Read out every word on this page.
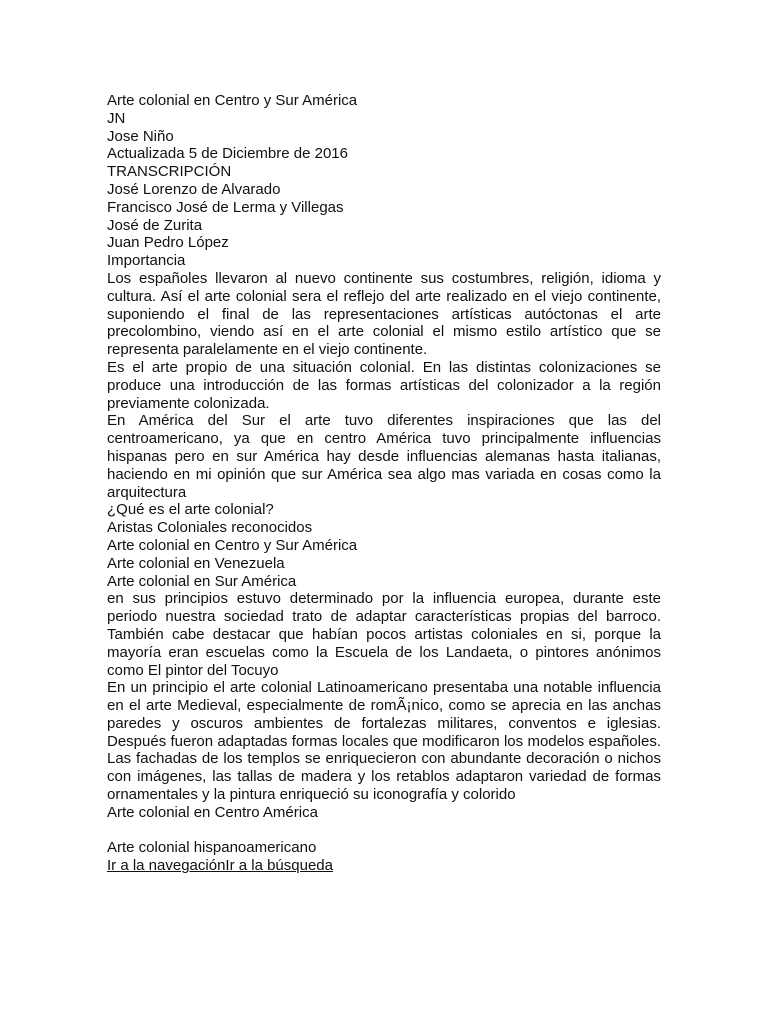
Arte colonial en Centro y Sur América

JN

Jose Niño

Actualizada 5 de Diciembre de 2016

TRANSCRIPCIÓN

José Lorenzo de Alvarado

Francisco José de Lerma y Villegas

José de Zurita

Juan Pedro López

Importancia

Los españoles llevaron al nuevo continente sus costumbres, religión, idioma y cultura. Así el arte colonial sera el reflejo del arte realizado en el viejo continente, suponiendo el final de las representaciones artísticas autóctonas el arte precolombino, viendo así en el arte colonial el mismo estilo artístico que se representa paralelamente en el viejo continente.

Es el arte propio de una situación colonial. En las distintas colonizaciones se produce una introducción de las formas artísticas del colonizador a la región previamente colonizada.

En América del Sur el arte tuvo diferentes inspiraciones que las del centroamericano, ya que en centro América tuvo principalmente influencias hispanas pero en sur América hay desde influencias alemanas hasta italianas, haciendo en mi opinión que sur América sea algo mas variada en cosas como la arquitectura

¿Qué es el arte colonial?

Aristas Coloniales reconocidos

Arte colonial en Centro y Sur América

Arte colonial en Venezuela

Arte colonial en Sur América

en sus principios estuvo determinado por la influencia europea, durante este periodo nuestra sociedad trato de adaptar características propias del barroco. También cabe destacar que habían pocos artistas coloniales en si, porque la mayoría eran escuelas como la Escuela de los Landaeta, o pintores anónimos como El pintor del Tocuyo

En un principio el arte colonial Latinoamericano presentaba una notable influencia en el arte Medieval, especialmente de romÃ¡nico, como se aprecia en las anchas paredes y oscuros ambientes de fortalezas militares, conventos e iglesias. Después fueron adaptadas formas locales que modificaron los modelos españoles. Las fachadas de los templos se enriquecieron con abundante decoración o nichos con imágenes, las tallas de madera y los retablos adaptaron variedad de formas ornamentales y la pintura enriqueció su iconografía y colorido

Arte colonial en Centro América

Arte colonial hispanoamericano

Ir a la navegaciónIr a la búsqueda
